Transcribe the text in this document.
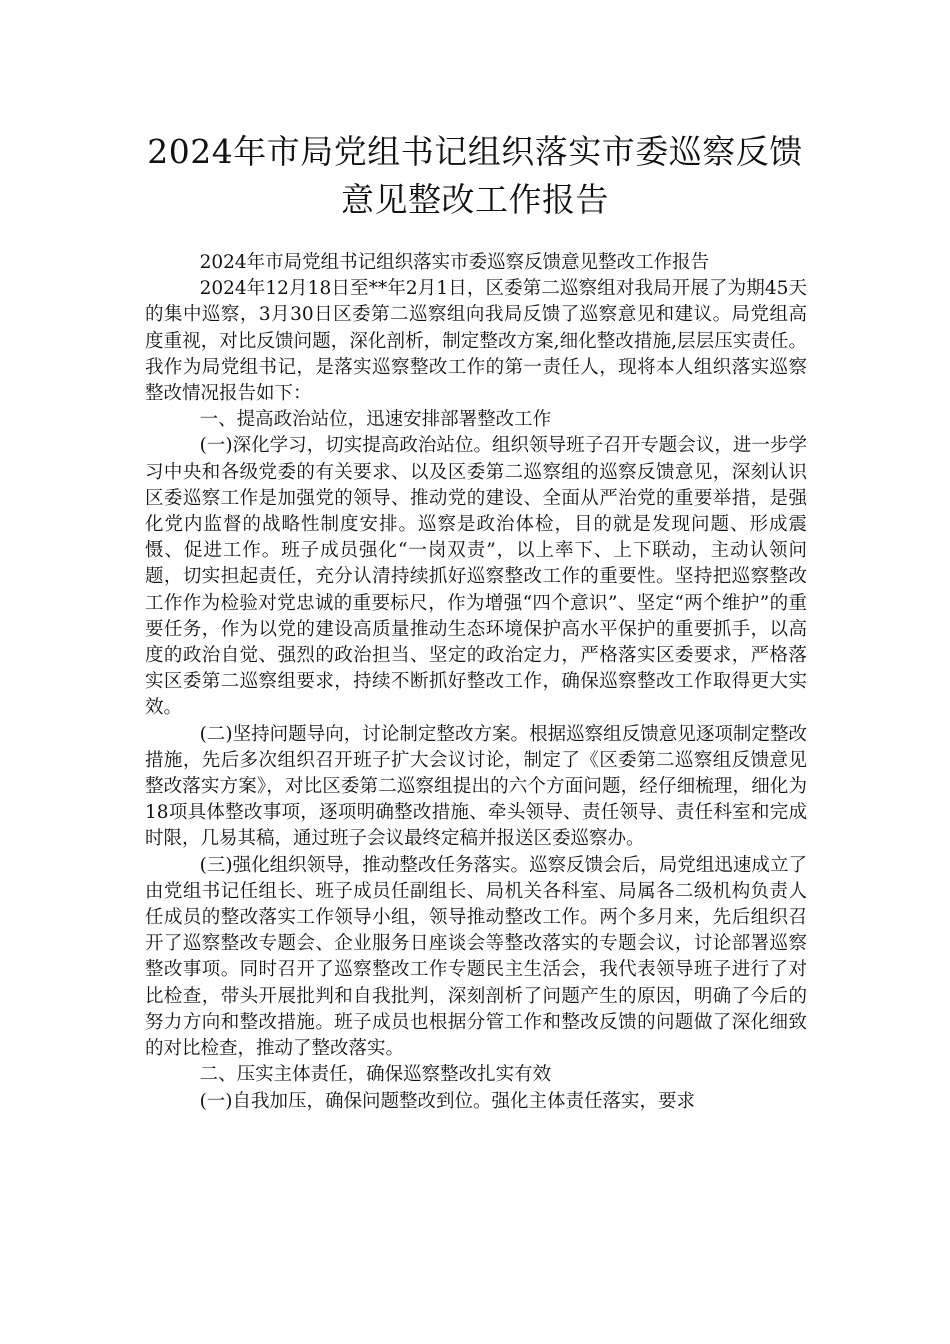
2024年市局党组书记组织落实市委巡察反馈意见整改工作报告

2024年市局党组书记组织落实市委巡察反馈意见整改工作报告

2024年12月18日至**年2月1日，区委第二巡察组对我局开展了为期45天的集中巡察，3月30日区委第二巡察组向我局反馈了巡察意见和建议。局党组高度重视，对比反馈问题，深化剖析，制定整改方案,细化整改措施,层层压实责任。我作为局党组书记，是落实巡察整改工作的第一责任人，现将本人组织落实巡察整改情况报告如下：

一、提高政治站位，迅速安排部署整改工作

(一)深化学习，切实提高政治站位。组织领导班子召开专题会议，进一步学习中央和各级党委的有关要求、以及区委第二巡察组的巡察反馈意见，深刻认识区委巡察工作是加强党的领导、推动党的建设、全面从严治党的重要举措，是强化党内监督的战略性制度安排。巡察是政治体检，目的就是发现问题、形成震慑、促进工作。班子成员强化“一岗双责”，以上率下、上下联动，主动认领问题，切实担起责任，充分认清持续抓好巡察整改工作的重要性。坚持把巡察整改工作作为检验对党忠诚的重要标尺，作为增强“四个意识”、坚定“两个维护”的重要任务，作为以党的建设高质量推动生态环境保护高水平保护的重要抓手，以高度的政治自觉、强烈的政治担当、坚定的政治定力，严格落实区委要求，严格落实区委第二巡察组要求，持续不断抓好整改工作，确保巡察整改工作取得更大实效。

(二)坚持问题导向，讨论制定整改方案。根据巡察组反馈意见逐项制定整改措施，先后多次组织召开班子扩大会议讨论，制定了《区委第二巡察组反馈意见整改落实方案》，对比区委第二巡察组提出的六个方面问题，经仔细梳理，细化为18项具体整改事项，逐项明确整改措施、牵头领导、责任领导、责任科室和完成时限，几易其稿，通过班子会议最终定稿并报送区委巡察办。

(三)强化组织领导，推动整改任务落实。巡察反馈会后，局党组迅速成立了由党组书记任组长、班子成员任副组长、局机关各科室、局属各二级机构负责人任成员的整改落实工作领导小组，领导推动整改工作。两个多月来，先后组织召开了巡察整改专题会、企业服务日座谈会等整改落实的专题会议，讨论部署巡察整改事项。同时召开了巡察整改工作专题民主生活会，我代表领导班子进行了对比检查，带头开展批判和自我批判，深刻剖析了问题产生的原因，明确了今后的努力方向和整改措施。班子成员也根据分管工作和整改反馈的问题做了深化细致的对比检查，推动了整改落实。

二、压实主体责任，确保巡察整改扎实有效

(一)自我加压，确保问题整改到位。强化主体责任落实，要求
